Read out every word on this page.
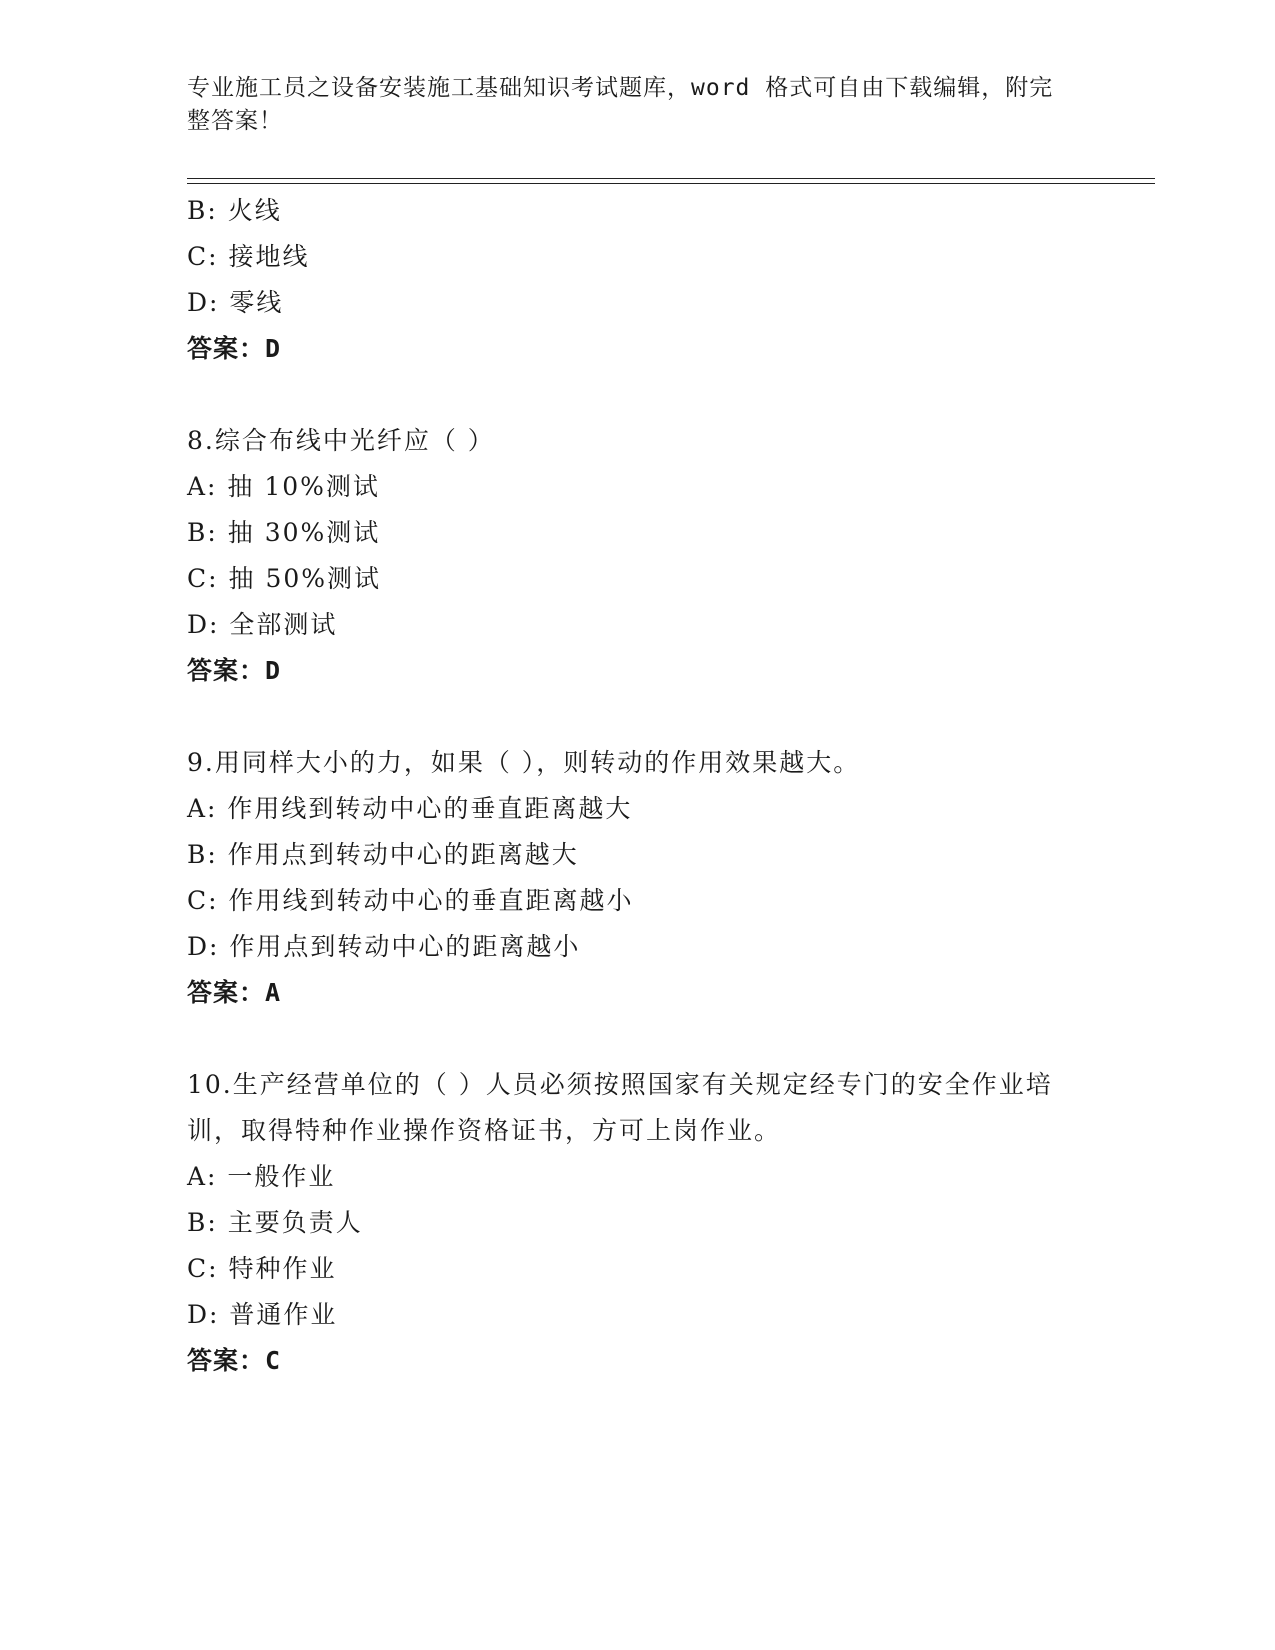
专业施工员之设备安装施工基础知识考试题库，word 格式可自由下载编辑，附完整答案！
B: 火线
C: 接地线
D: 零线
答案：D
8.综合布线中光纤应（ ）
A: 抽 10%测试
B: 抽 30%测试
C: 抽 50%测试
D: 全部测试
答案：D
9.用同样大小的力，如果（ ），则转动的作用效果越大。
A: 作用线到转动中心的垂直距离越大
B: 作用点到转动中心的距离越大
C: 作用线到转动中心的垂直距离越小
D: 作用点到转动中心的距离越小
答案：A
10.生产经营单位的（ ）人员必须按照国家有关规定经专门的安全作业培训，取得特种作业操作资格证书，方可上岗作业。
A: 一般作业
B: 主要负责人
C: 特种作业
D: 普通作业
答案：C
